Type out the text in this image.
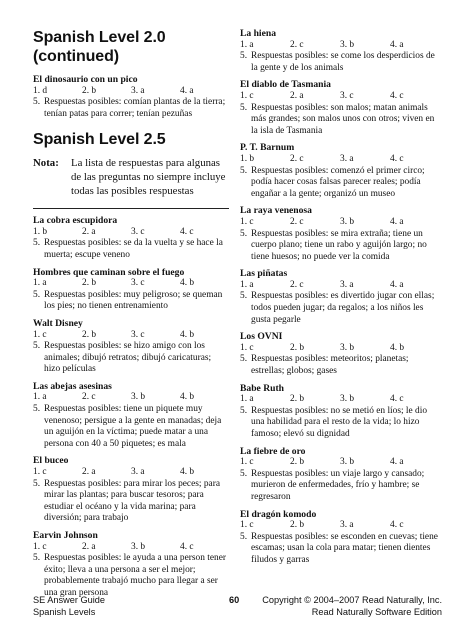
Spanish Level 2.0 (continued)
El dinosaurio con un pico
1. d	2. b	3. a	4. a
5. Respuestas posibles: comían plantas de la tierra; tenían patas para correr; tenían pezuñas
Spanish Level 2.5
Nota:	La lista de respuestas para algunas de las preguntas no siempre incluye todas las posibles respuestas
La cobra escupidora
1. b	2. a	3. c	4. c
5. Respuestas posibles: se da la vuelta y se hace la muerta; escupe veneno
Hombres que caminan sobre el fuego
1. a	2. b	3. c	4. b
5. Respuestas posibles: muy peligroso; se queman los pies; no tienen entrenamiento
Walt Disney
1. c	2. b	3. c	4. b
5. Respuestas posibles: se hizo amigo con los animales; dibujó retratos; dibujó caricaturas; hizo películas
Las abejas asesinas
1. a	2. c	3. b	4. b
5. Respuestas posibles: tiene un piquete muy venenoso; persigue a la gente en manadas; deja un aguijón en la víctima; puede matar a una persona con 40 a 50 piquetes; es mala
El buceo
1. c	2. a	3. a	4. b
5. Respuestas posibles: para mirar los peces; para mirar las plantas; para buscar tesoros; para estudiar el océano y la vida marina; para diversión; para trabajo
Earvin Johnson
1. c	2. a	3. b	4. c
5. Respuestas posibles: le ayuda a una person tener éxito; lleva a una persona a ser el mejor; probablemente trabajó mucho para llegar a ser una gran persona
La hiena
1. a	2. c	3. b	4. a
5. Respuestas posibles: se come los desperdicios de la gente y de los animals
El diablo de Tasmania
1. c	2. a	3. c	4. c
5. Respuestas posibles: son malos; matan animals más grandes; son malos unos con otros; viven en la isla de Tasmania
P. T. Barnum
1. b	2. c	3. a	4. c
5. Respuestas posibles: comenzó el primer circo; podía hacer cosas falsas parecer reales; podía engañar a la gente; organizó un museo
La raya venenosa
1. c	2. c	3. b	4. a
5. Respuestas posibles: se mira extraña; tiene un cuerpo plano; tiene un rabo y aguijón largo; no tiene huesos; no puede ver la comida
Las piñatas
1. a	2. c	3. a	4. a
5. Respuestas posibles: es divertido jugar con ellas; todos pueden jugar; da regalos; a los niños les gusta pegarle
Los OVNI
1. c	2. b	3. b	4. b
5. Respuestas posibles: meteoritos; planetas; estrellas; globos; gases
Babe Ruth
1. a	2. b	3. b	4. c
5. Respuestas posibles: no se metió en líos; le dio una habilidad para el resto de la vida; lo hizo famoso; elevó su dignidad
La fiebre de oro
1. c	2. b	3. b	4. a
5. Respuestas posibles: un viaje largo y cansado; murieron de enfermedades, frío y hambre; se regresaron
El dragón komodo
1. c	2. b	3. a	4. c
5. Respuestas posibles: se esconden en cuevas; tiene escamas; usan la cola para matar; tienen dientes filudos y garras
SE Answer Guide
Spanish Levels
60	Copyright © 2004–2007 Read Naturally, Inc.
Read Naturally Software Edition
